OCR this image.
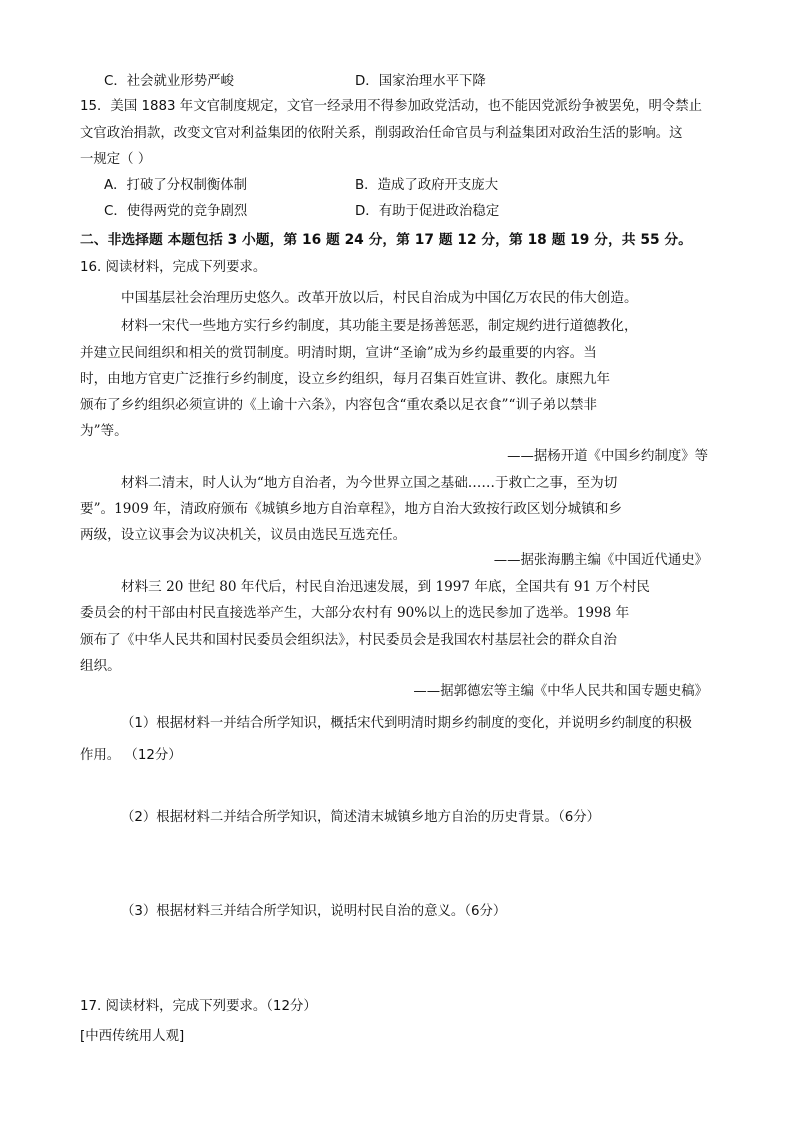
C．社会就业形势严峻	D．国家治理水平下降
15．美国 1883 年文官制度规定，文官一经录用不得参加政党活动，也不能因党派纷争被罢免，明令禁止
文官政治捐款，改变文官对利益集团的依附关系，削弱政治任命官员与利益集团对政治生活的影响。这
一规定（ ）
A．打破了分权制衡体制	B．造成了政府开支庞大
C．使得两党的竞争剧烈	D．有助于促进政治稳定
二、非选择题 本题包括 3 小题，第 16 题 24 分，第 17 题 12 分，第 18 题 19 分，共 55 分。
16. 阅读材料，完成下列要求。
中国基层社会治理历史悠久。改革开放以后，村民自治成为中国亿万农民的伟大创造。
材料一宋代一些地方实行乡约制度，其功能主要是扬善惩恶，制定规约进行道德教化，
并建立民间组织和相关的赏罚制度。明清时期，宣讲“圣谕”成为乡约最重要的内容。当
时，由地方官吏广泛推行乡约制度，设立乡约组织，每月召集百姓宣讲、教化。康熙九年
颁布了乡约组织必须宣讲的《上谕十六条》，内容包含“重农桑以足衣食”“训子弟以禁非
为”等。
——据杨开道《中国乡约制度》等
材料二清末，时人认为“地方自治者，为今世界立国之基础……于救亡之事，至为切
要”。1909 年，清政府颁布《城镇乡地方自治章程》，地方自治大致按行政区划分城镇和乡
两级，设立议事会为议决机关，议员由选民互选充任。
——据张海鹏主编《中国近代通史》
材料三 20 世纪 80 年代后，村民自治迅速发展，到 1997 年底，全国共有 91 万个村民
委员会的村干部由村民直接选举产生，大部分农村有 90%以上的选民参加了选举。1998 年
颁布了《中华人民共和国村民委员会组织法》，村民委员会是我国农村基层社会的群众自治
组织。
——据郭德宏等主编《中华人民共和国专题史稿》
（1）根据材料一并结合所学知识，概括宋代到明清时期乡约制度的变化，并说明乡约制度的积极
作用。 （12分）
（2）根据材料二并结合所学知识，简述清末城镇乡地方自治的历史背景。（6分）
（3）根据材料三并结合所学知识，说明村民自治的意义。（6分）
17. 阅读材料，完成下列要求。（12分）
[中西传统用人观]
